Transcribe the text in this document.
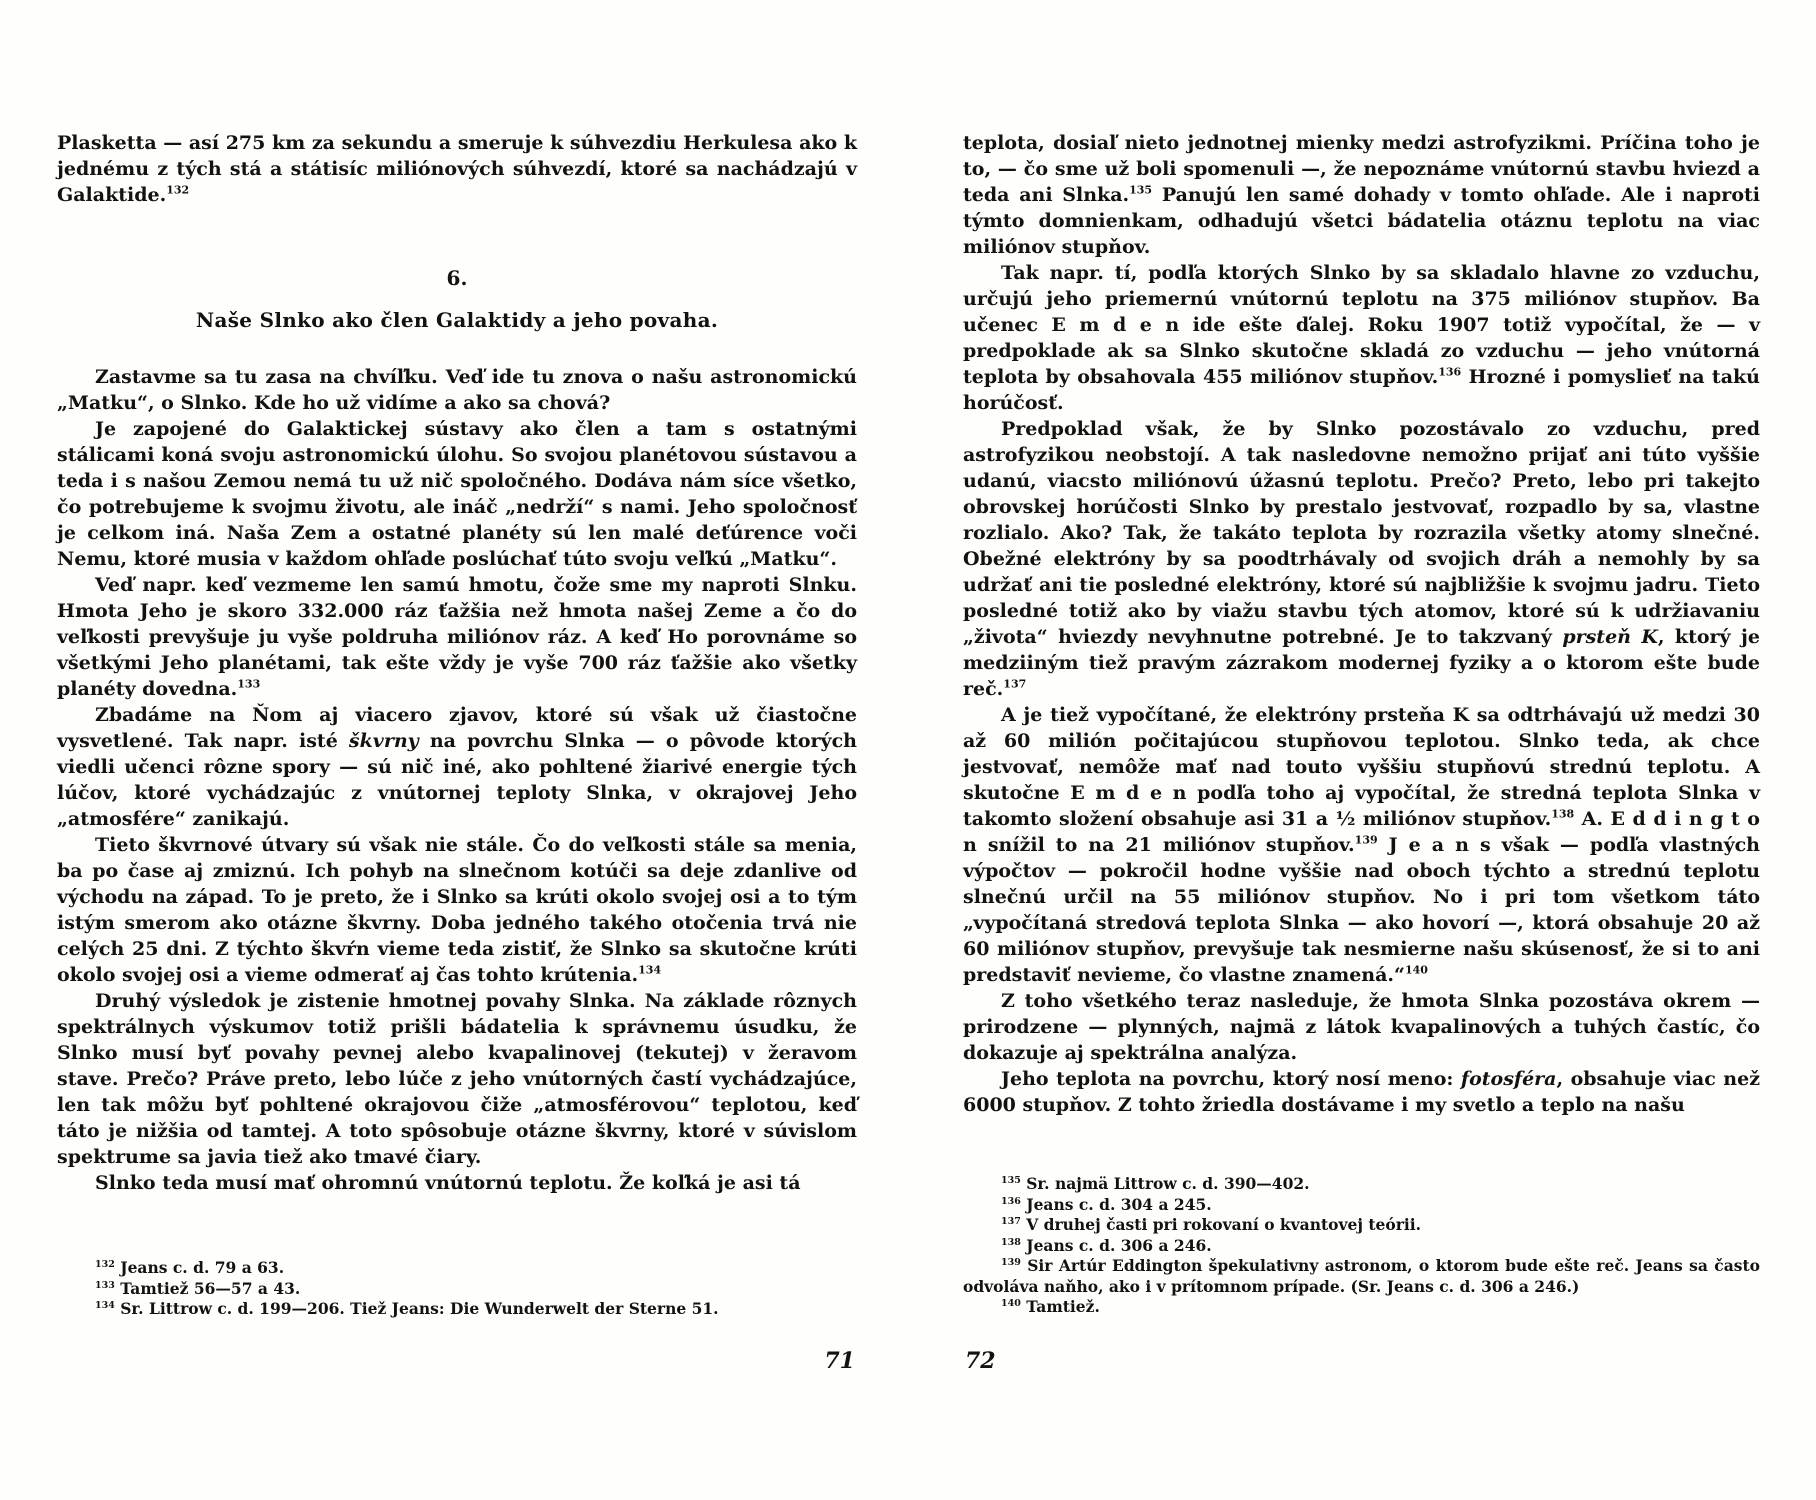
Plasketta — así 275 km za sekundu a smeruje k súhvezdiu Herkulesa ako k jednému z tých stá a státisíc miliónových súhvezdí, ktoré sa nachádzajú v Galaktide.$^{132}$

6.
Naše Slnko ako člen Galaktidy a jeho povaha.

Zastavme sa tu zasa na chvíľku. Veď ide tu znova o našu astronomickú „Matku“, o Slnko. Kde ho už vidíme a ako sa chová?

Je zapojené do Galaktickej sústavy ako člen a tam s ostatnými stálicami koná svoju astronomickú úlohu. So svojou planétovou sústavou a teda i s našou Zemou nemá tu už nič spoločného. Dodáva nám síce všetko, čo potrebujeme k svojmu životu, ale ináč „nedrží“ s nami. Jeho spoločnosť je celkom iná. Naša Zem a ostatné planéty sú len malé deťúrence voči Nemu, ktoré musia v každom ohľade poslúchať túto svoju veľkú „Matku“.

Veď napr. keď vezmeme len samú hmotu, čože sme my naproti Slnku. Hmota Jeho je skoro 332.000 ráz ťažšia než hmota našej Zeme a čo do veľkosti prevyšuje ju vyše poldruha miliónov ráz. A keď Ho porovnáme so všetkými Jeho planétami, tak ešte vždy je vyše 700 ráz ťažšie ako všetky planéty dovedna.$^{133}$

Zbadáme na Ňom aj viacero zjavov, ktoré sú však už čiastočne vysvetlené. Tak napr. isté škvrny na povrchu Slnka — o pôvode ktorých viedli učenci rôzne spory — sú nič iné, ako pohltené žiarivé energie tých lúčov, ktoré vychádzajúc z vnútornej teploty Slnka, v okrajovej Jeho „atmosfére“ zanikajú.

Tieto škvrnové útvary sú však nie stále. Čo do veľkosti stále sa menia, ba po čase aj zmiznú. Ich pohyb na slnečnom kotúči sa deje zdanlive od východu na západ. To je preto, že i Slnko sa krúti okolo svojej osi a to tým istým smerom ako otázne škvrny. Doba jedného takého otočenia trvá nie celých 25 dni. Z týchto škvŕn vieme teda zistiť, že Slnko sa skutočne krúti okolo svojej osi a vieme odmerať aj čas tohto krútenia.$^{134}$

Druhý výsledok je zistenie hmotnej povahy Slnka. Na základe rôznych spektrálnych výskumov totiž prišli bádatelia k správnemu úsudku, že Slnko musí byť povahy pevnej alebo kvapalinovej (tekutej) v žeravom stave. Prečo? Práve preto, lebo lúče z jeho vnútorných častí vychádzajúce, len tak môžu byť pohltené okrajovou čiže „atmosférovou“ teplotou, keď táto je nižšia od tamtej. A toto spôsobuje otázne škvrny, ktoré v súvislom spektrume sa javia tiež ako tmavé čiary.

Slnko teda musí mať ohromnú vnútornú teplotu. Že koľká je asi tá

$^{132}$ Jeans c. d. 79 a 63.

$^{133}$ Tamtiež 56—57 a 43.

$^{134}$ Sr. Littrow c. d. 199—206. Tiež Jeans: Die Wunderwelt der Sterne 51.

71

teplota, dosiaľ nieto jednotnej mienky medzi astrofyzikmi. Príčina toho je to, — čo sme už boli spomenuli —, že nepoznáme vnútornú stavbu hviezd a teda ani Slnka.$^{135}$ Panujú len samé dohady v tomto ohľade. Ale i naproti týmto domnienkam, odhadujú všetci bádatelia otáznu teplotu na viac miliónov stupňov.

Tak napr. tí, podľa ktorých Slnko by sa skladalo hlavne zo vzduchu, určujú jeho priemernú vnútornú teplotu na 375 miliónov stupňov. Ba učenec E m d e n ide ešte ďalej. Roku 1907 totiž vypočítal, že — v predpoklade ak sa Slnko skutočne skladá zo vzduchu — jeho vnútorná teplota by obsahovala 455 miliónov stupňov.$^{136}$ Hrozné i pomyslieť na takú horúčosť.

Predpoklad však, že by Slnko pozostávalo zo vzduchu, pred astrofyzikou neobstojí. A tak nasledovne nemožno prijať ani túto vyššie udanú, viacsto miliónovú úžasnú teplotu. Prečo? Preto, lebo pri takejto obrovskej horúčosti Slnko by prestalo jestvovať, rozpadlo by sa, vlastne rozlialo. Ako? Tak, že takáto teplota by rozrazila všetky atomy slnečné. Obežné elektróny by sa poodtrhávaly od svojich dráh a nemohly by sa udržať ani tie posledné elektróny, ktoré sú najbližšie k svojmu jadru. Tieto posledné totiž ako by viažu stavbu tých atomov, ktoré sú k udržiavaniu „života“ hviezdy nevyhnutne potrebné. Je to takzvaný prsteň K, ktorý je medziiným tiež pravým zázrakom modernej fyziky a o ktorom ešte bude reč.$^{137}$

A je tiež vypočítané, že elektróny prsteňa K sa odtrhávajú už medzi 30 až 60 milión počitajúcou stupňovou teplotou. Slnko teda, ak chce jestvovať, nemôže mať nad touto vyššiu stupňovú strednú teplotu. A skutočne E m d e n podľa toho aj vypočítal, že stredná teplota Slnka v takomto složení obsahuje asi 31 a ½ miliónov stupňov.$^{138}$ A. E d d i n g t o n snížil to na 21 miliónov stupňov.$^{139}$ J e a n s však — podľa vlastných výpočtov — pokročil hodne vyššie nad oboch týchto a strednú teplotu slnečnú určil na 55 miliónov stupňov. No i pri tom všetkom táto „vypočítaná stredová teplota Slnka — ako hovorí —, ktorá obsahuje 20 až 60 miliónov stupňov, prevyšuje tak nesmierne našu skúsenosť, že si to ani predstaviť nevieme, čo vlastne znamená.“$^{140}$

Z toho všetkého teraz nasleduje, že hmota Slnka pozostáva okrem — prirodzene — plynných, najmä z látok kvapalinových a tuhých častíc, čo dokazuje aj spektrálna analýza.

Jeho teplota na povrchu, ktorý nosí meno: fotosféra, obsahuje viac než 6000 stupňov. Z tohto žriedla dostávame i my svetlo a teplo na našu

$^{135}$ Sr. najmä Littrow c. d. 390—402.

$^{136}$ Jeans c. d. 304 a 245.

$^{137}$ V druhej časti pri rokovaní o kvantovej teórii.

$^{138}$ Jeans c. d. 306 a 246.

$^{139}$ Sir Artúr Eddington špekulativny astronom, o ktorom bude ešte reč. Jeans sa často odvoláva naňho, ako i v prítomnom prípade. (Sr. Jeans c. d. 306 a 246.)

$^{140}$ Tamtiež.

72
